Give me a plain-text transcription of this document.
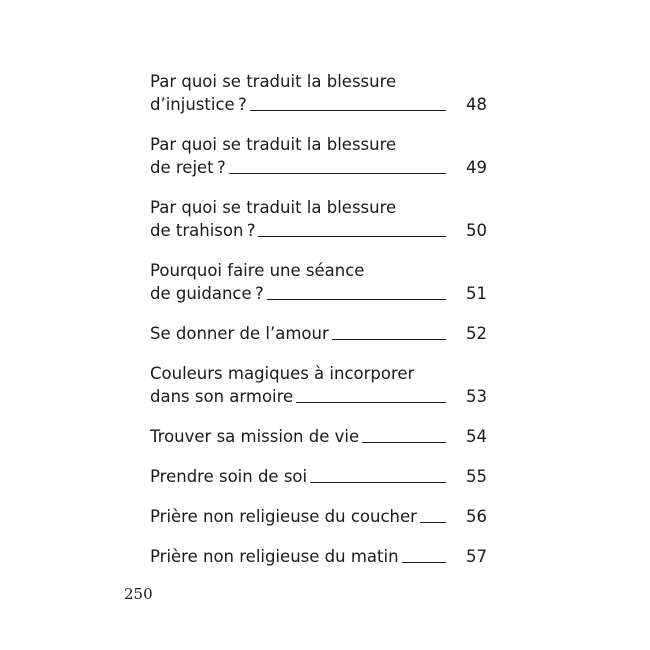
Par quoi se traduit la blessure
d’injustice ?	48
Par quoi se traduit la blessure
de rejet ?	49
Par quoi se traduit la blessure
de trahison ?	50
Pourquoi faire une séance
de guidance ?	51
Se donner de l’amour	52
Couleurs magiques à incorporer
dans son armoire	53
Trouver sa mission de vie	54
Prendre soin de soi	55
Prière non religieuse du coucher	56
Prière non religieuse du matin	57
250
